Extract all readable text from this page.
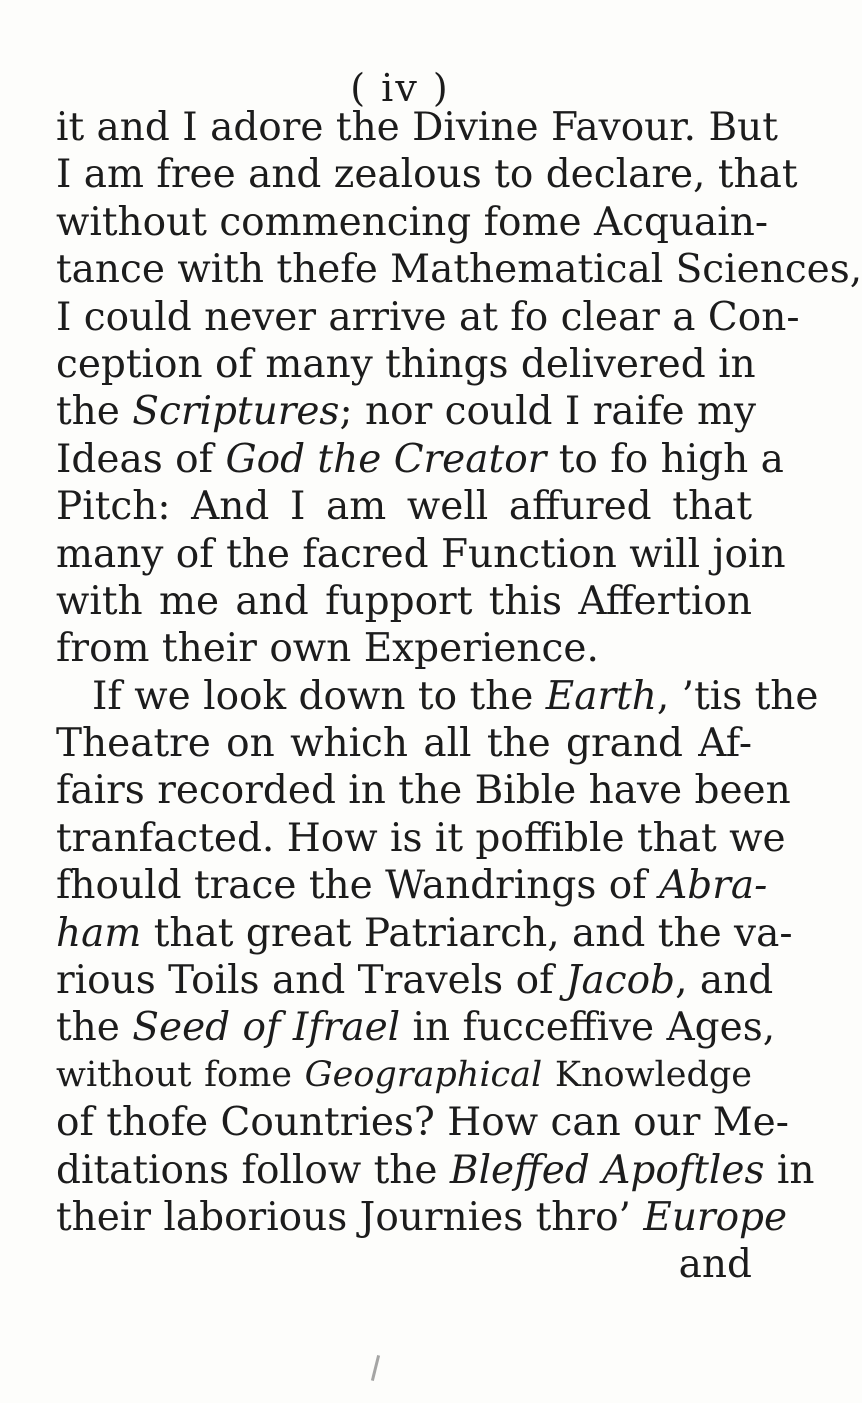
( iv )
it and I adore the Divine Favour. But
I am free and zealous to declare, that
without commencing fome Acquain-
tance with thefe Mathematical Sciences,
I could never arrive at fo clear a Con-
ception of many things delivered in
the Scriptures; nor could I raife my
Ideas of God the Creator to fo high a
Pitch: And I am well affured that
many of the facred Function will join
with me and fupport this Affertion
from their own Experience.
If we look down to the Earth, ’tis the
Theatre on which all the grand Af-
fairs recorded in the Bible have been
tranfacted. How is it poffible that we
fhould trace the Wandrings of Abra-
ham that great Patriarch, and the va-
rious Toils and Travels of Jacob, and
the Seed of Ifrael in fucceffive Ages,
without fome Geographical Knowledge
of thofe Countries? How can our Me-
ditations follow the Bleffed Apoftles in
their laborious Journies thro’ Europe
and
